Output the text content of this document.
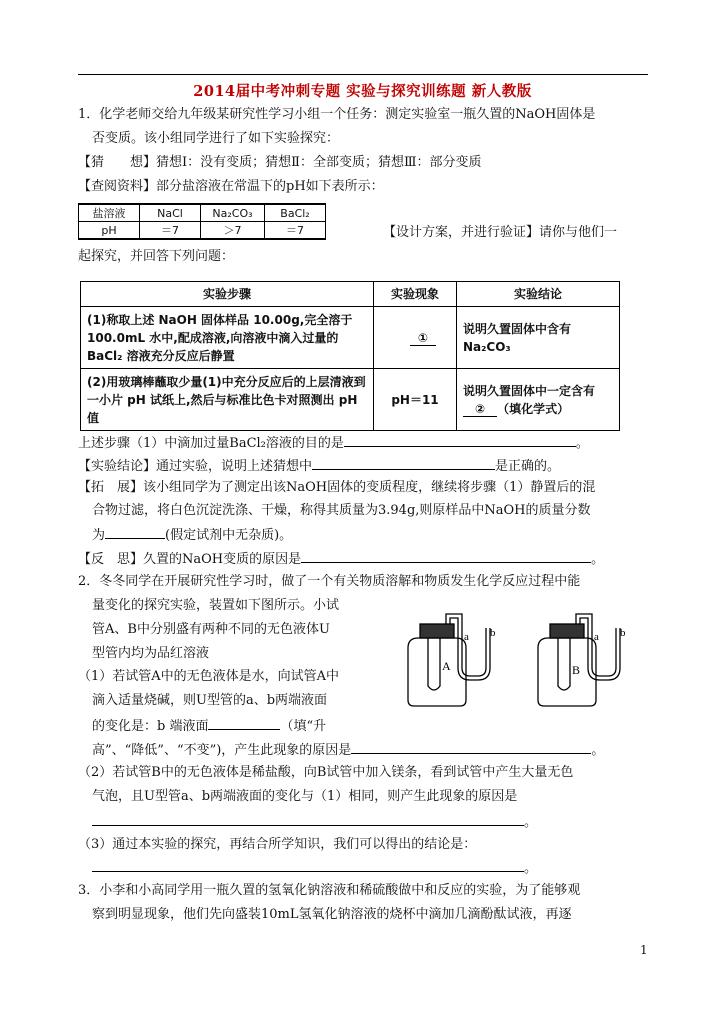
2014届中考冲刺专题 实验与探究训练题 新人教版
1．化学老师交给九年级某研究性学习小组一个任务：测定实验室一瓶久置的NaOH固体是
否变质。该小组同学进行了如下实验探究：
【猜　　想】猜想Ⅰ：没有变质；猜想Ⅱ：全部变质；猜想Ⅲ：部分变质
【查阅资料】部分盐溶液在常温下的pH如下表所示：
盐溶液	NaCl	Na₂CO₃	BaCl₂
pH	＝7	＞7	＝7	【设计方案，并进行验证】请你与他们一
起探究，并回答下列问题：
实验步骤	实验现象	实验结论
(1)称取上述 NaOH 固体样品 10.00g,完全溶于 100.0mL 水中,配成溶液,向溶液中滴入过量的 BaCl₂ 溶液充分反应后静置	①	说明久置固体中含有 Na₂CO₃
(2)用玻璃棒蘸取少量(1)中充分反应后的上层清液到一小片 pH 试纸上,然后与标准比色卡对照测出 pH 值	pH＝11	说明久置固体中一定含有
② （填化学式）
上述步骤（1）中滴加过量BaCl₂溶液的目的是	。
【实验结论】通过实验，说明上述猜想中	是正确的。
【拓　展】该小组同学为了测定出该NaOH固体的变质程度，继续将步骤（1）静置后的混
合物过滤，将白色沉淀洗涤、干燥，称得其质量为3.94g,则原样品中NaOH的质量分数
为	(假定试剂中无杂质)。
【反　思】久置的NaOH变质的原因是	。
2．冬冬同学在开展研究性学习时，做了一个有关物质溶解和物质发生化学反应过程中能
量变化的探究实验，装置如下图所示。小试
管A、B中分别盛有两种不同的无色液体U
型管内均为品红溶液
（1）若试管A中的无色液体是水，向试管A中
滴入适量烧碱，则U型管的a、b两端液面
的变化是：b 端液面	（填“升
高”、“降低”、“不变”)，产生此现象的原因是	。
（2）若试管B中的无色液体是稀盐酸，向B试管中加入镁条，看到试管中产生大量无色
气泡，且U型管a、b两端液面的变化与（1）相同，则产生此现象的原因是
。
（3）通过本实验的探究，再结合所学知识，我们可以得出的结论是：
。
A
a b
B
a b
3．小李和小高同学用一瓶久置的氢氧化钠溶液和稀硫酸做中和反应的实验，为了能够观
察到明显现象，他们先向盛装10mL氢氧化钠溶液的烧杯中滴加几滴酚酞试液，再逐
1
